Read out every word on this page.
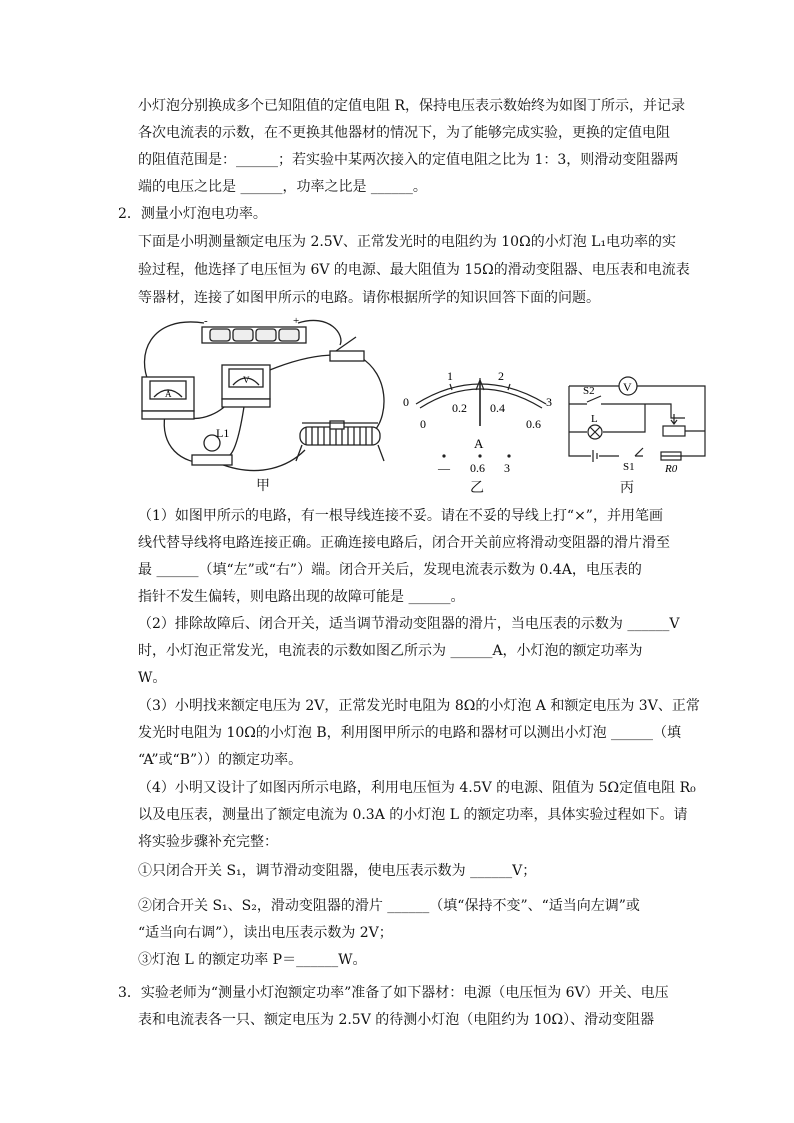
小灯泡分别换成多个已知阻值的定值电阻 R，保持电压表示数始终为如图丁所示，并记录
各次电流表的示数，在不更换其他器材的情况下，为了能够完成实验，更换的定值电阻
的阻值范围是：______；若实验中某两次接入的定值电阻之比为 1：3，则滑动变阻器两
端的电压之比是 ______，功率之比是 ______。
2．测量小灯泡电功率。
下面是小明测量额定电压为 2.5V、正常发光时的电阻约为 10Ω的小灯泡 L₁电功率的实
验过程，他选择了电压恒为 6V 的电源、最大阻值为 15Ω的滑动变阻器、电压表和电流表
等器材，连接了如图甲所示的电路。请你根据所学的知识回答下面的问题。
-	+
A
V
L1
甲
0
1	2
3
0
0.2 0.4
0.6
A
— 0.6 3
乙
V
S2
L
S1	R0
丙
（1）如图甲所示的电路，有一根导线连接不妥。请在不妥的导线上打“×”，并用笔画
线代替导线将电路连接正确。正确连接电路后，闭合开关前应将滑动变阻器的滑片滑至
最 ______（填“左”或“右”）端。闭合开关后，发现电流表示数为 0.4A，电压表的
指针不发生偏转，则电路出现的故障可能是 ______。
（2）排除故障后、闭合开关，适当调节滑动变阻器的滑片，当电压表的示数为 ______V
时，小灯泡正常发光，电流表的示数如图乙所示为 ______A，小灯泡的额定功率为
W。
（3）小明找来额定电压为 2V，正常发光时电阻为 8Ω的小灯泡 A 和额定电压为 3V、正常
发光时电阻为 10Ω的小灯泡 B，利用图甲所示的电路和器材可以测出小灯泡 ______（填
“A”或“B”））的额定功率。
（4）小明又设计了如图丙所示电路，利用电压恒为 4.5V 的电源、阻值为 5Ω定值电阻 R₀
以及电压表，测量出了额定电流为 0.3A 的小灯泡 L 的额定功率，具体实验过程如下。请
将实验步骤补充完整：
①只闭合开关 S₁，调节滑动变阻器，使电压表示数为 ______V；
②闭合开关 S₁、S₂，滑动变阻器的滑片 ______（填“保持不变”、“适当向左调”或
“适当向右调”），读出电压表示数为 2V；
③灯泡 L 的额定功率 P＝______W。
3．实验老师为“测量小灯泡额定功率”准备了如下器材：电源（电压恒为 6V）开关、电压
表和电流表各一只、额定电压为 2.5V 的待测小灯泡（电阻约为 10Ω）、滑动变阻器
